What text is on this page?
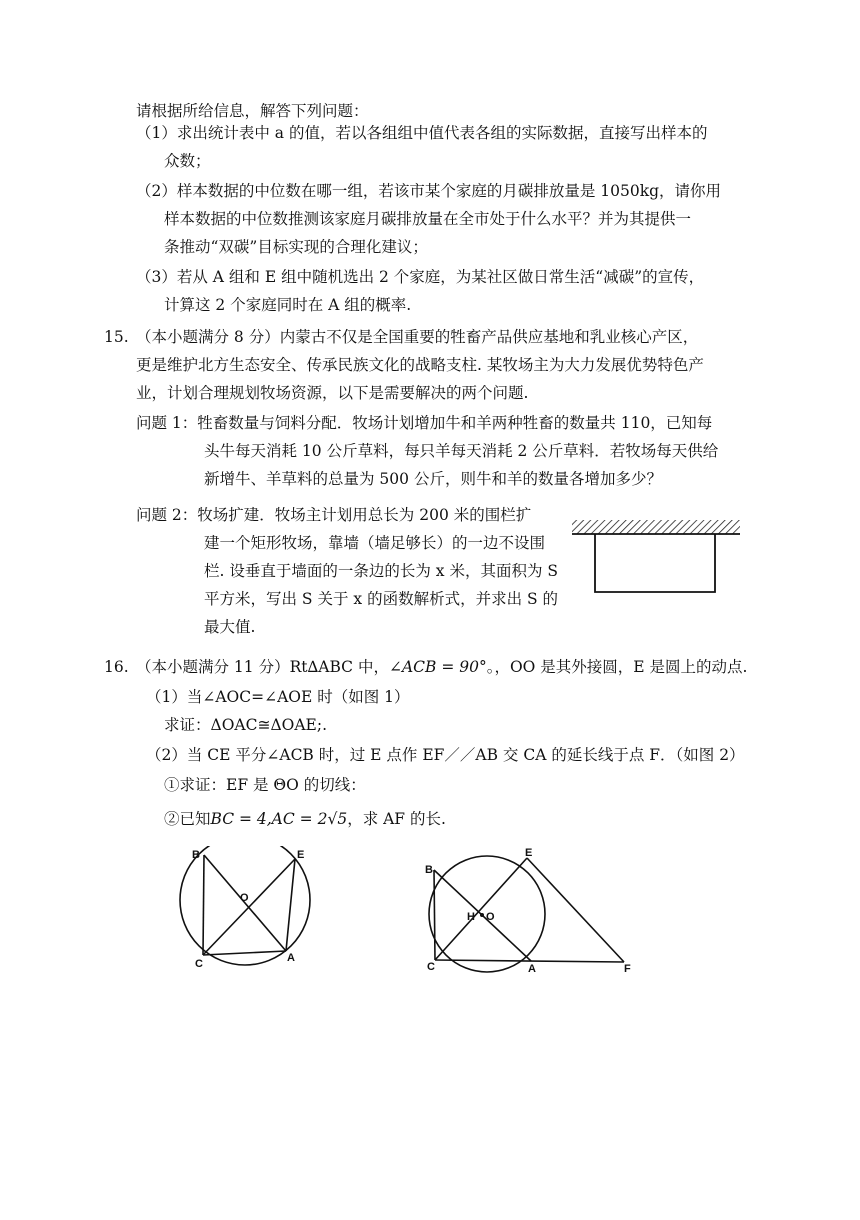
请根据所给信息，解答下列问题：
（1）求出统计表中 a 的值，若以各组组中值代表各组的实际数据，直接写出样本的
众数；
（2）样本数据的中位数在哪一组，若该市某个家庭的月碳排放量是 1050kg，请你用
样本数据的中位数推测该家庭月碳排放量在全市处于什么水平？并为其提供一
条推动“双碳”目标实现的合理化建议；
（3）若从 A 组和 E 组中随机选出 2 个家庭，为某社区做日常生活“减碳”的宣传，
计算这 2 个家庭同时在 A 组的概率.
15. （本小题满分 8 分）内蒙古不仅是全国重要的牲畜产品供应基地和乳业核心产区，
更是维护北方生态安全、传承民族文化的战略支柱. 某牧场主为大力发展优势特色产
业，计划合理规划牧场资源，以下是需要解决的两个问题.
问题 1：牲畜数量与饲料分配．牧场计划增加牛和羊两种牲畜的数量共 110，已知每
头牛每天消耗 10 公斤草料，每只羊每天消耗 2 公斤草料．若牧场每天供给
新增牛、羊草料的总量为 500 公斤，则牛和羊的数量各增加多少？
问题 2：牧场扩建．牧场主计划用总长为 200 米的围栏扩
建一个矩形牧场，靠墙（墙足够长）的一边不设围
栏. 设垂直于墙面的一条边的长为 x 米，其面积为 S
平方米，写出 S 关于 x 的函数解析式，并求出 S 的
最大值.
16. （本小题满分 11 分）Rt∆ABC 中，∠ACB = 90°。，OO 是其外接圆，E 是圆上的动点.
（1）当∠AOC=∠AOE 时（如图 1）
求证：ΔOAC≅ΔOAE;.
（2）当 CE 平分∠ACB 时，过 E 点作 EF／／AB 交 CA 的延长线于点 F．（如图 2）
①求证：EF 是 ΘO 的切线：
②已知BC = 4,AC = 2√5，求 AF 的长.
B	E
O
C	A
B
E
H O
C	A	F
